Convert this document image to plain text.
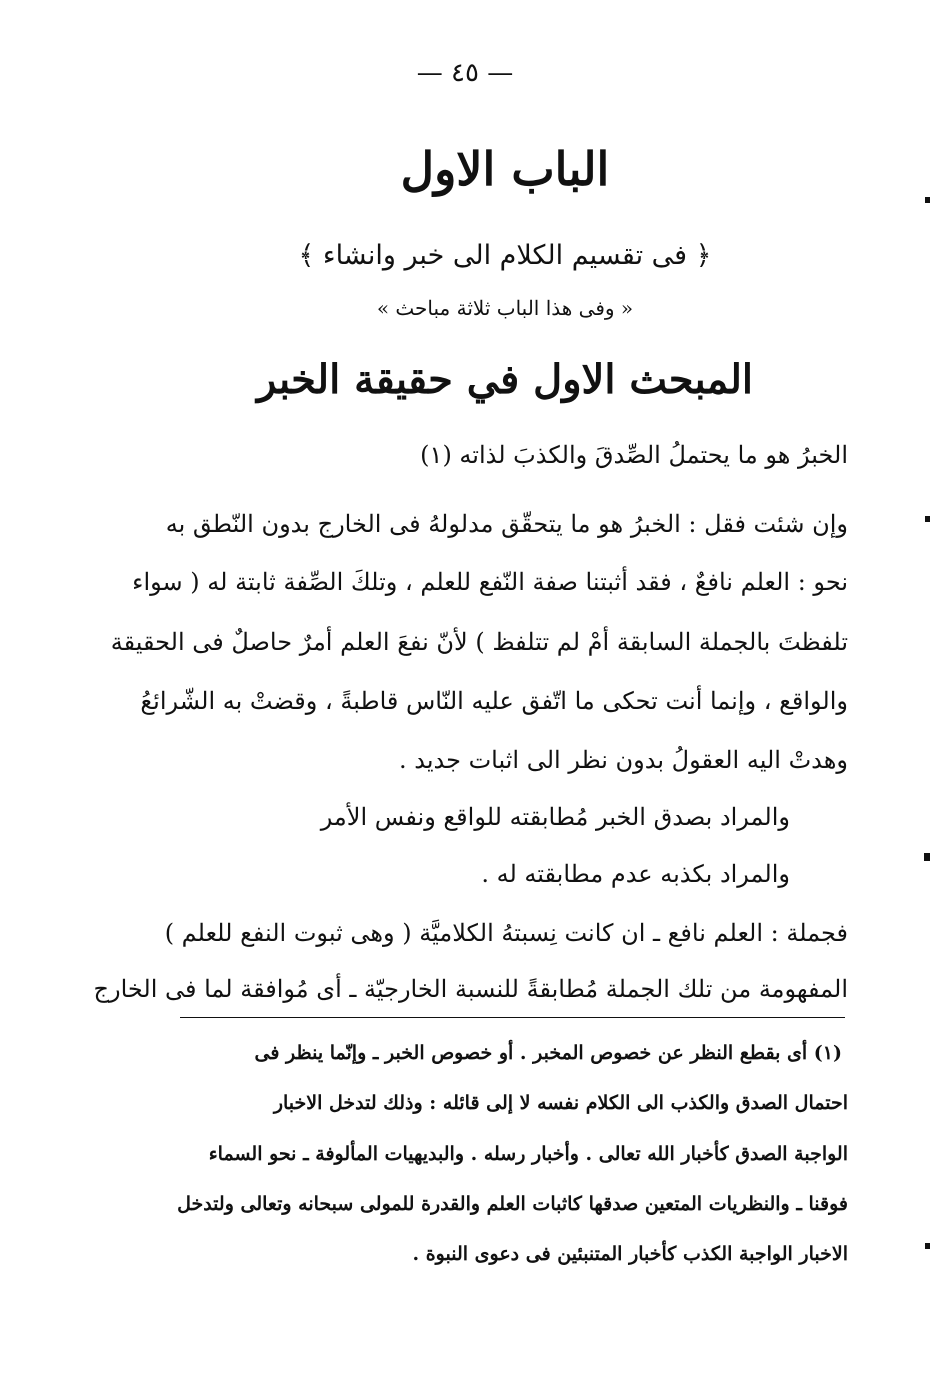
— ٤٥ —
الباب الاول
﴿ فى تقسيم الكلام الى خبر وانشاء ﴾
« وفى هذا الباب ثلاثة مباحث »
المبحث الاول في حقيقة الخبر
الخبرُ هو ما يحتملُ الصِّدقَ والكذبَ لذاته (١)
وإن شئت فقل : الخبرُ هو ما يتحقّق مدلولهُ فى الخارج بدون النّطق به
نحو : العلم نافعٌ ، فقد أثبتنا صفة النّفع للعلم ، وتلكَ الصِّفة ثابتة له ( سواء
تلفظتَ بالجملة السابقة أمْ لم تتلفظ ) لأنّ نفعَ العلم أمرٌ حاصلٌ فى الحقيقة
والواقع ، وإنما أنت تحكى ما اتّفق عليه النّاس قاطبةً ، وقضتْ به الشّرائعُ
وهدتْ اليه العقولُ بدون نظر الى اثبات جديد .
والمراد بصدق الخبر مُطابقته للواقع ونفس الأمر
والمراد بكذبه عدم مطابقته له .
فجملة : العلم نافع ـ ان كانت نِسبتهُ الكلاميَّة ( وهى ثبوت النفع للعلم )
المفهومة من تلك الجملة مُطابقةً للنسبة الخارجيّة ـ أى مُوافقة لما فى الخارج
(١) أى بقطع النظر عن خصوص المخبر . أو خصوص الخبر ـ وإنّما ينظر فى
احتمال الصدق والكذب الى الكلام نفسه لا إلى قائله : وذلك لتدخل الاخبار
الواجبة الصدق كأخبار الله تعالى . وأخبار رسله . والبديهيات المألوفة ـ نحو السماء
فوقنا ـ والنظريات المتعين صدقها كاثبات العلم والقدرة للمولى سبحانه وتعالى ولتدخل
الاخبار الواجبة الكذب كأخبار المتنبئين فى دعوى النبوة .
